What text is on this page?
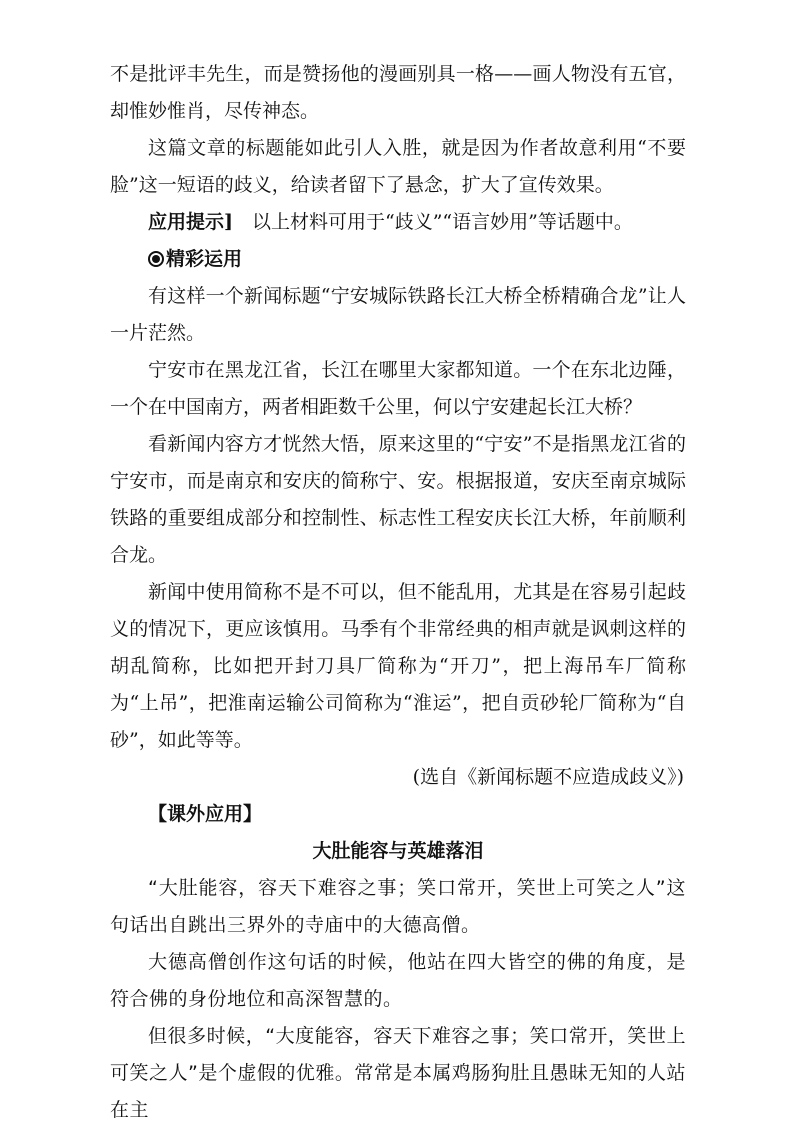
不是批评丰先生，而是赞扬他的漫画别具一格——画人物没有五官，却惟妙惟肖，尽传神态。

这篇文章的标题能如此引人入胜，就是因为作者故意利用“不要脸”这一短语的歧义，给读者留下了悬念，扩大了宣传效果。

应用提示]　以上材料可用于“歧义”“语言妙用”等话题中。

精彩运用

有这样一个新闻标题“宁安城际铁路长江大桥全桥精确合龙”让人一片茫然。

宁安市在黑龙江省，长江在哪里大家都知道。一个在东北边陲，一个在中国南方，两者相距数千公里，何以宁安建起长江大桥？

看新闻内容方才恍然大悟，原来这里的“宁安”不是指黑龙江省的宁安市，而是南京和安庆的简称宁、安。根据报道，安庆至南京城际铁路的重要组成部分和控制性、标志性工程安庆长江大桥，年前顺利合龙。

新闻中使用简称不是不可以，但不能乱用，尤其是在容易引起歧义的情况下，更应该慎用。马季有个非常经典的相声就是讽刺这样的胡乱简称，比如把开封刀具厂简称为“开刀”，把上海吊车厂简称为“上吊”，把淮南运输公司简称为“淮运”，把自贡砂轮厂简称为“自砂”，如此等等。

(选自《新闻标题不应造成歧义》)

【课外应用】

大肚能容与英雄落泪

“大肚能容，容天下难容之事；笑口常开，笑世上可笑之人”这句话出自跳出三界外的寺庙中的大德高僧。

大德高僧创作这句话的时候，他站在四大皆空的佛的角度，是符合佛的身份地位和高深智慧的。

但很多时候，“大度能容，容天下难容之事；笑口常开，笑世上可笑之人”是个虚假的优雅。常常是本属鸡肠狗肚且愚昧无知的人站在主
